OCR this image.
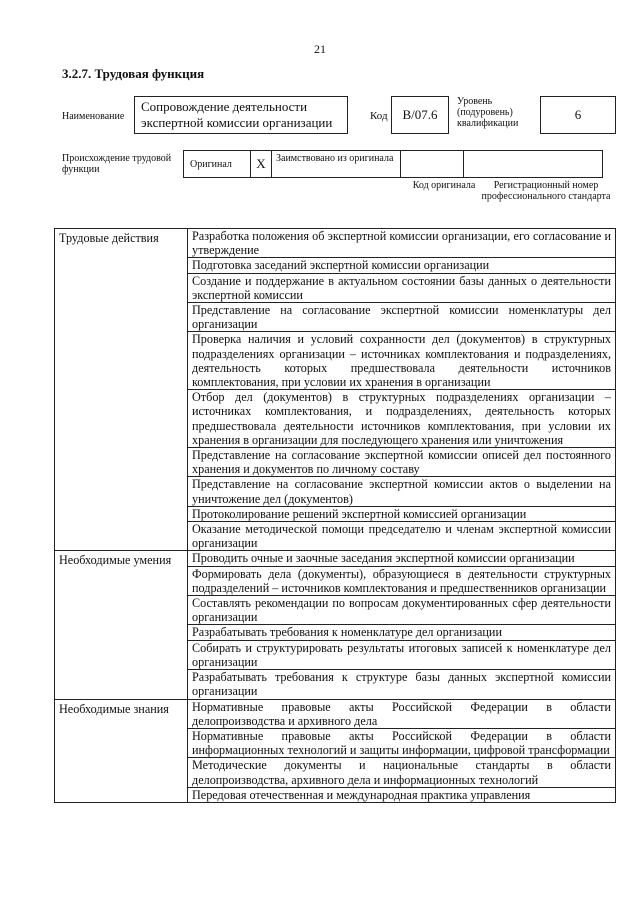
21
3.2.7. Трудовая функция
Наименование
Сопровождение деятельности экспертной комиссии организации	Код	B/07.6
Уровень (подуровень) квалификации
6
Происхождение трудовой функции	Оригинал	X	Заимствовано из оригинала
Код оригинала	Регистрационный номер профессионального стандарта
Трудовые действия	Разработка положения об экспертной комиссии организации, его согласование и утверждение
	Подготовка заседаний экспертной комиссии организации
	Создание и поддержание в актуальном состоянии базы данных о деятельности экспертной комиссии
	Представление на согласование экспертной комиссии номенклатуры дел организации
	Проверка наличия и условий сохранности дел (документов) в структурных подразделениях организации – источниках комплектования и подразделениях, деятельность которых предшествовала деятельности источников комплектования, при условии их хранения в организации
	Отбор дел (документов) в структурных подразделениях организации – источниках комплектования, и подразделениях, деятельность которых предшествовала деятельности источников комплектования, при условии их хранения в организации для последующего хранения или уничтожения
	Представление на согласование экспертной комиссии описей дел постоянного хранения и документов по личному составу
	Представление на согласование экспертной комиссии актов о выделении на уничтожение дел (документов)
	Протоколирование решений экспертной комиссией организации
	Оказание методической помощи председателю и членам экспертной комиссии организации
Необходимые умения	Проводить очные и заочные заседания экспертной комиссии организации
	Формировать дела (документы), образующиеся в деятельности структурных подразделений – источников комплектования и предшественников организации
	Составлять рекомендации по вопросам документированных сфер деятельности организации
	Разрабатывать требования к номенклатуре дел организации
	Собирать и структурировать результаты итоговых записей к номенклатуре дел организации
	Разрабатывать требования к структуре базы данных экспертной комиссии организации
Необходимые знания	Нормативные правовые акты Российской Федерации в области делопроизводства и архивного дела
	Нормативные правовые акты Российской Федерации в области информационных технологий и защиты информации, цифровой трансформации
	Методические документы и национальные стандарты в области делопроизводства, архивного дела и информационных технологий
	Передовая отечественная и международная практика управления
